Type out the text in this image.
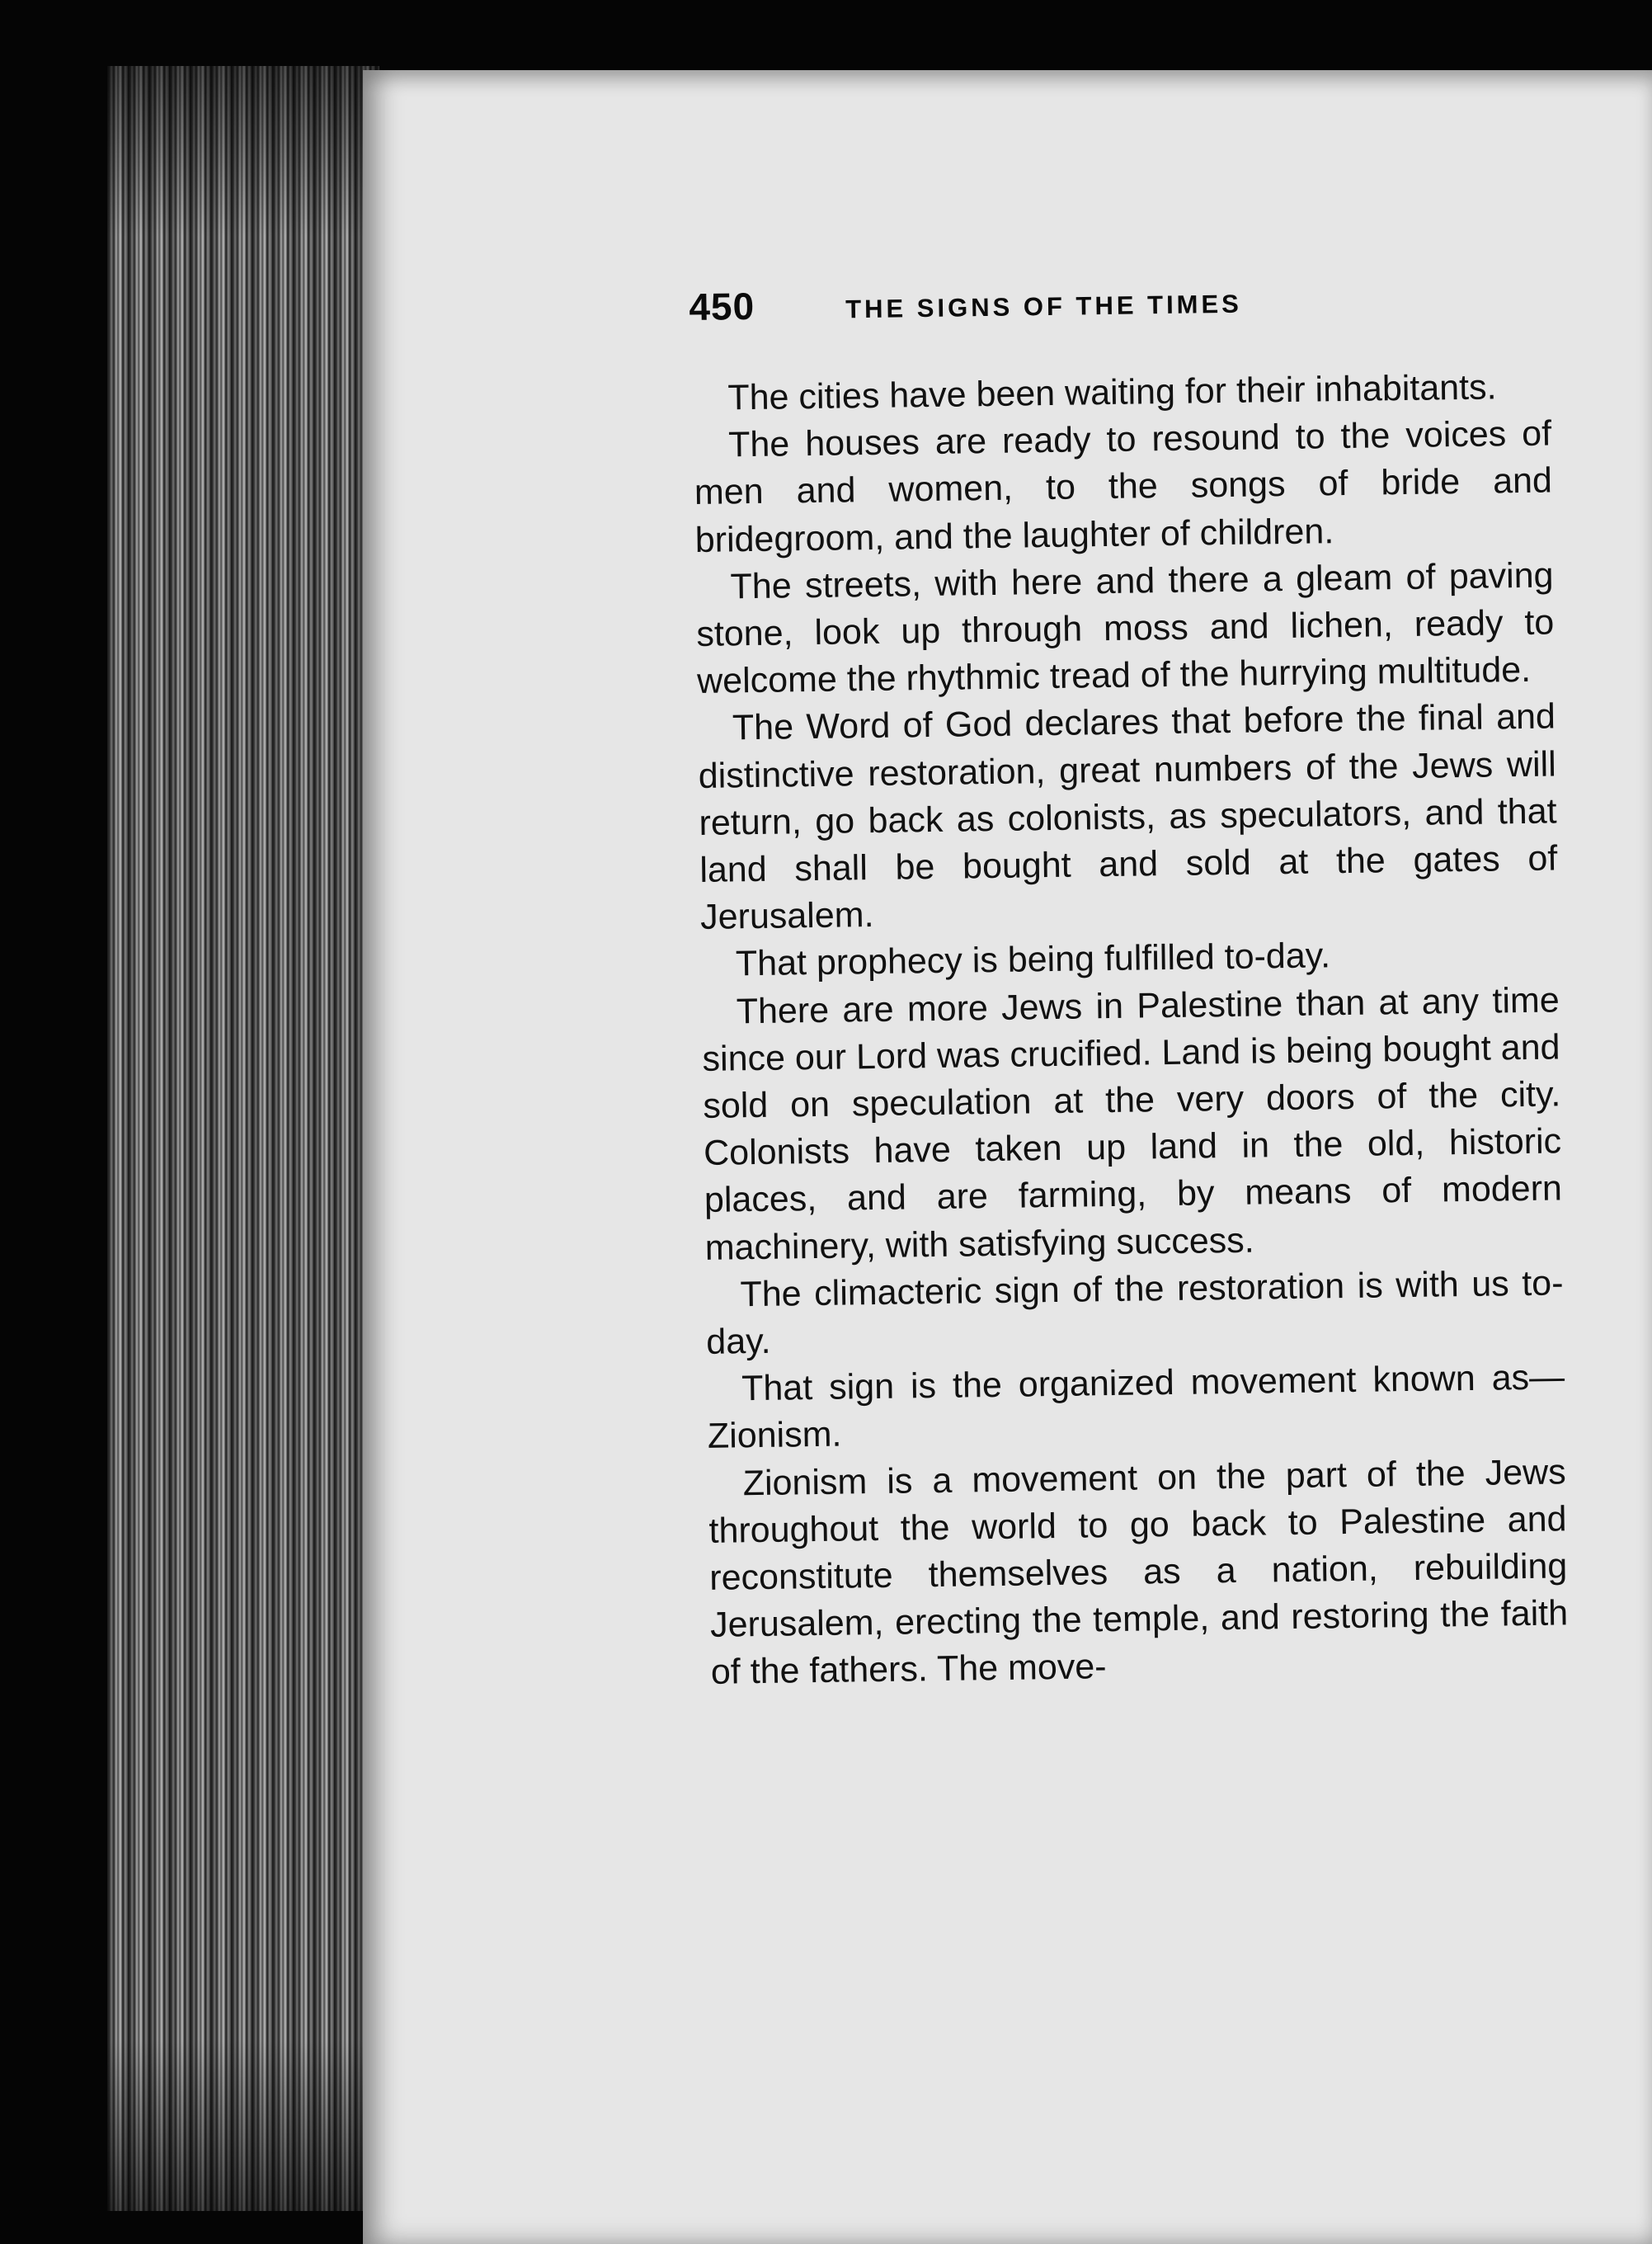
450	THE SIGNS OF THE TIMES

The cities have been waiting for their inhabitants.

The houses are ready to resound to the voices of men and women, to the songs of bride and bridegroom, and the laughter of children.

The streets, with here and there a gleam of paving stone, look up through moss and lichen, ready to welcome the rhythmic tread of the hurrying multitude.

The Word of God declares that before the final and distinctive restoration, great numbers of the Jews will return, go back as colonists, as speculators, and that land shall be bought and sold at the gates of Jerusalem.

That prophecy is being fulfilled to-day.

There are more Jews in Palestine than at any time since our Lord was crucified. Land is being bought and sold on speculation at the very doors of the city. Colonists have taken up land in the old, historic places, and are farming, by means of modern machinery, with satisfying success.

The climacteric sign of the restoration is with us to-day.

That sign is the organized movement known as—Zionism.

Zionism is a movement on the part of the Jews throughout the world to go back to Palestine and reconstitute themselves as a nation, rebuilding Jerusalem, erecting the temple, and restoring the faith of the fathers. The move-
